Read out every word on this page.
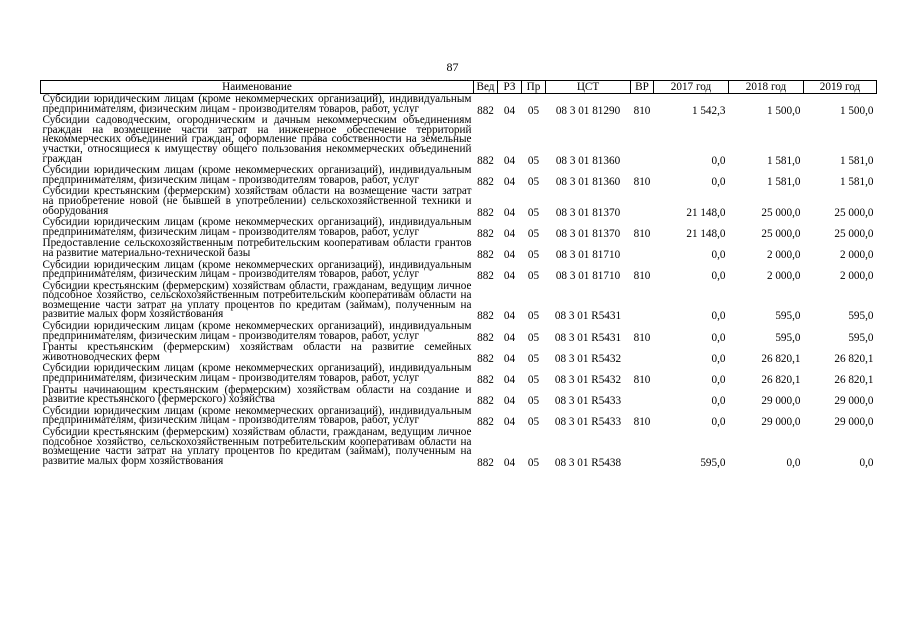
87
Наименование	Вед	РЗ	Пр	ЦСТ	ВР	2017 год	2018 год	2019 год
Субсидии юридическим лицам (кроме некоммерческих организаций), индивидуальным предпринимателям, физическим лицам - производителям товаров, работ, услуг	882	04	05	08 3 01 81290	810	1 542,3	1 500,0	1 500,0
Субсидии садоводческим, огородническим и дачным некоммерческим объединениям граждан на возмещение части затрат на инженерное обеспечение территорий некоммерческих объединений граждан, оформление права собственности на земельные участки, относящиеся к имуществу общего пользования некоммерческих объединений граждан	882	04	05	08 3 01 81360		0,0	1 581,0	1 581,0
Субсидии юридическим лицам (кроме некоммерческих организаций), индивидуальным предпринимателям, физическим лицам - производителям товаров, работ, услуг	882	04	05	08 3 01 81360	810	0,0	1 581,0	1 581,0
Субсидии крестьянским (фермерским) хозяйствам области на возмещение части затрат на приобретение новой (не бывшей в употреблении) сельскохозяйственной техники и оборудования	882	04	05	08 3 01 81370		21 148,0	25 000,0	25 000,0
Субсидии юридическим лицам (кроме некоммерческих организаций), индивидуальным предпринимателям, физическим лицам - производителям товаров, работ, услуг	882	04	05	08 3 01 81370	810	21 148,0	25 000,0	25 000,0
Предоставление сельскохозяйственным потребительским кооперативам области грантов на развитие материально-технической базы	882	04	05	08 3 01 81710		0,0	2 000,0	2 000,0
Субсидии юридическим лицам (кроме некоммерческих организаций), индивидуальным предпринимателям, физическим лицам - производителям товаров, работ, услуг	882	04	05	08 3 01 81710	810	0,0	2 000,0	2 000,0
Субсидии крестьянским (фермерским) хозяйствам области, гражданам, ведущим личное подсобное хозяйство, сельскохозяйственным потребительским кооперативам области на возмещение части затрат на уплату процентов по кредитам (займам), полученным на развитие малых форм хозяйствования	882	04	05	08 3 01 R5431		0,0	595,0	595,0
Субсидии юридическим лицам (кроме некоммерческих организаций), индивидуальным предпринимателям, физическим лицам - производителям товаров, работ, услуг	882	04	05	08 3 01 R5431	810	0,0	595,0	595,0
Гранты крестьянским (фермерским) хозяйствам области на развитие семейных животноводческих ферм	882	04	05	08 3 01 R5432		0,0	26 820,1	26 820,1
Субсидии юридическим лицам (кроме некоммерческих организаций), индивидуальным предпринимателям, физическим лицам - производителям товаров, работ, услуг	882	04	05	08 3 01 R5432	810	0,0	26 820,1	26 820,1
Гранты начинающим крестьянским (фермерским) хозяйствам области на создание и развитие крестьянского (фермерского) хозяйства	882	04	05	08 3 01 R5433		0,0	29 000,0	29 000,0
Субсидии юридическим лицам (кроме некоммерческих организаций), индивидуальным предпринимателям, физическим лицам - производителям товаров, работ, услуг	882	04	05	08 3 01 R5433	810	0,0	29 000,0	29 000,0
Субсидии крестьянским (фермерским) хозяйствам области, гражданам, ведущим личное подсобное хозяйство, сельскохозяйственным потребительским кооперативам области на возмещение части затрат на уплату процентов по кредитам (займам), полученным на развитие малых форм хозяйствования	882	04	05	08 3 01 R5438		595,0	0,0	0,0
